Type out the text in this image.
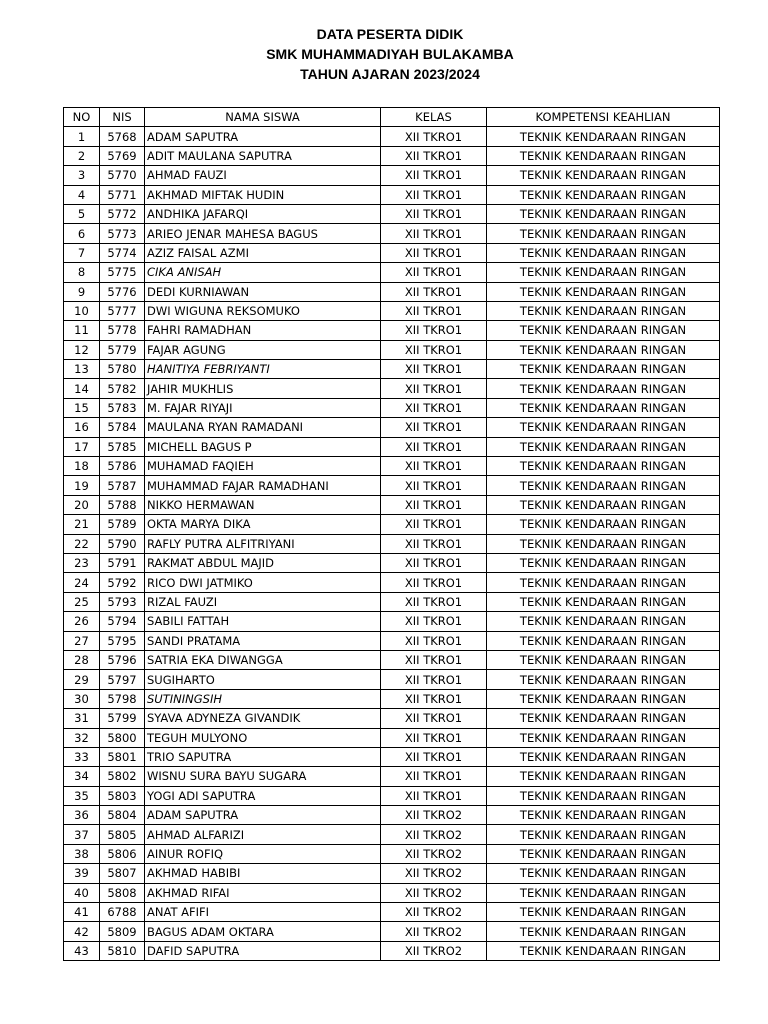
DATA PESERTA DIDIK
SMK MUHAMMADIYAH BULAKAMBA
TAHUN AJARAN 2023/2024
NO	NIS	NAMA SISWA	KELAS	KOMPETENSI KEAHLIAN
1	5768	ADAM SAPUTRA	XII TKRO1	TEKNIK KENDARAAN RINGAN
2	5769	ADIT MAULANA SAPUTRA	XII TKRO1	TEKNIK KENDARAAN RINGAN
3	5770	AHMAD FAUZI	XII TKRO1	TEKNIK KENDARAAN RINGAN
4	5771	AKHMAD MIFTAK HUDIN	XII TKRO1	TEKNIK KENDARAAN RINGAN
5	5772	ANDHIKA JAFARQI	XII TKRO1	TEKNIK KENDARAAN RINGAN
6	5773	ARIEO JENAR MAHESA BAGUS	XII TKRO1	TEKNIK KENDARAAN RINGAN
7	5774	AZIZ FAISAL AZMI	XII TKRO1	TEKNIK KENDARAAN RINGAN
8	5775	CIKA ANISAH	XII TKRO1	TEKNIK KENDARAAN RINGAN
9	5776	DEDI KURNIAWAN	XII TKRO1	TEKNIK KENDARAAN RINGAN
10	5777	DWI WIGUNA REKSOMUKO	XII TKRO1	TEKNIK KENDARAAN RINGAN
11	5778	FAHRI RAMADHAN	XII TKRO1	TEKNIK KENDARAAN RINGAN
12	5779	FAJAR AGUNG	XII TKRO1	TEKNIK KENDARAAN RINGAN
13	5780	HANITIYA FEBRIYANTI	XII TKRO1	TEKNIK KENDARAAN RINGAN
14	5782	JAHIR MUKHLIS	XII TKRO1	TEKNIK KENDARAAN RINGAN
15	5783	M. FAJAR RIYAJI	XII TKRO1	TEKNIK KENDARAAN RINGAN
16	5784	MAULANA RYAN RAMADANI	XII TKRO1	TEKNIK KENDARAAN RINGAN
17	5785	MICHELL BAGUS P	XII TKRO1	TEKNIK KENDARAAN RINGAN
18	5786	MUHAMAD FAQIEH	XII TKRO1	TEKNIK KENDARAAN RINGAN
19	5787	MUHAMMAD FAJAR RAMADHANI	XII TKRO1	TEKNIK KENDARAAN RINGAN
20	5788	NIKKO HERMAWAN	XII TKRO1	TEKNIK KENDARAAN RINGAN
21	5789	OKTA MARYA DIKA	XII TKRO1	TEKNIK KENDARAAN RINGAN
22	5790	RAFLY PUTRA ALFITRIYANI	XII TKRO1	TEKNIK KENDARAAN RINGAN
23	5791	RAKMAT ABDUL MAJID	XII TKRO1	TEKNIK KENDARAAN RINGAN
24	5792	RICO DWI JATMIKO	XII TKRO1	TEKNIK KENDARAAN RINGAN
25	5793	RIZAL FAUZI	XII TKRO1	TEKNIK KENDARAAN RINGAN
26	5794	SABILI FATTAH	XII TKRO1	TEKNIK KENDARAAN RINGAN
27	5795	SANDI PRATAMA	XII TKRO1	TEKNIK KENDARAAN RINGAN
28	5796	SATRIA EKA DIWANGGA	XII TKRO1	TEKNIK KENDARAAN RINGAN
29	5797	SUGIHARTO	XII TKRO1	TEKNIK KENDARAAN RINGAN
30	5798	SUTININGSIH	XII TKRO1	TEKNIK KENDARAAN RINGAN
31	5799	SYAVA ADYNEZA GIVANDIK	XII TKRO1	TEKNIK KENDARAAN RINGAN
32	5800	TEGUH MULYONO	XII TKRO1	TEKNIK KENDARAAN RINGAN
33	5801	TRIO SAPUTRA	XII TKRO1	TEKNIK KENDARAAN RINGAN
34	5802	WISNU SURA BAYU SUGARA	XII TKRO1	TEKNIK KENDARAAN RINGAN
35	5803	YOGI ADI SAPUTRA	XII TKRO1	TEKNIK KENDARAAN RINGAN
36	5804	ADAM SAPUTRA	XII TKRO2	TEKNIK KENDARAAN RINGAN
37	5805	AHMAD ALFARIZI	XII TKRO2	TEKNIK KENDARAAN RINGAN
38	5806	AINUR ROFIQ	XII TKRO2	TEKNIK KENDARAAN RINGAN
39	5807	AKHMAD HABIBI	XII TKRO2	TEKNIK KENDARAAN RINGAN
40	5808	AKHMAD RIFAI	XII TKRO2	TEKNIK KENDARAAN RINGAN
41	6788	ANAT AFIFI	XII TKRO2	TEKNIK KENDARAAN RINGAN
42	5809	BAGUS ADAM OKTARA	XII TKRO2	TEKNIK KENDARAAN RINGAN
43	5810	DAFID SAPUTRA	XII TKRO2	TEKNIK KENDARAAN RINGAN
